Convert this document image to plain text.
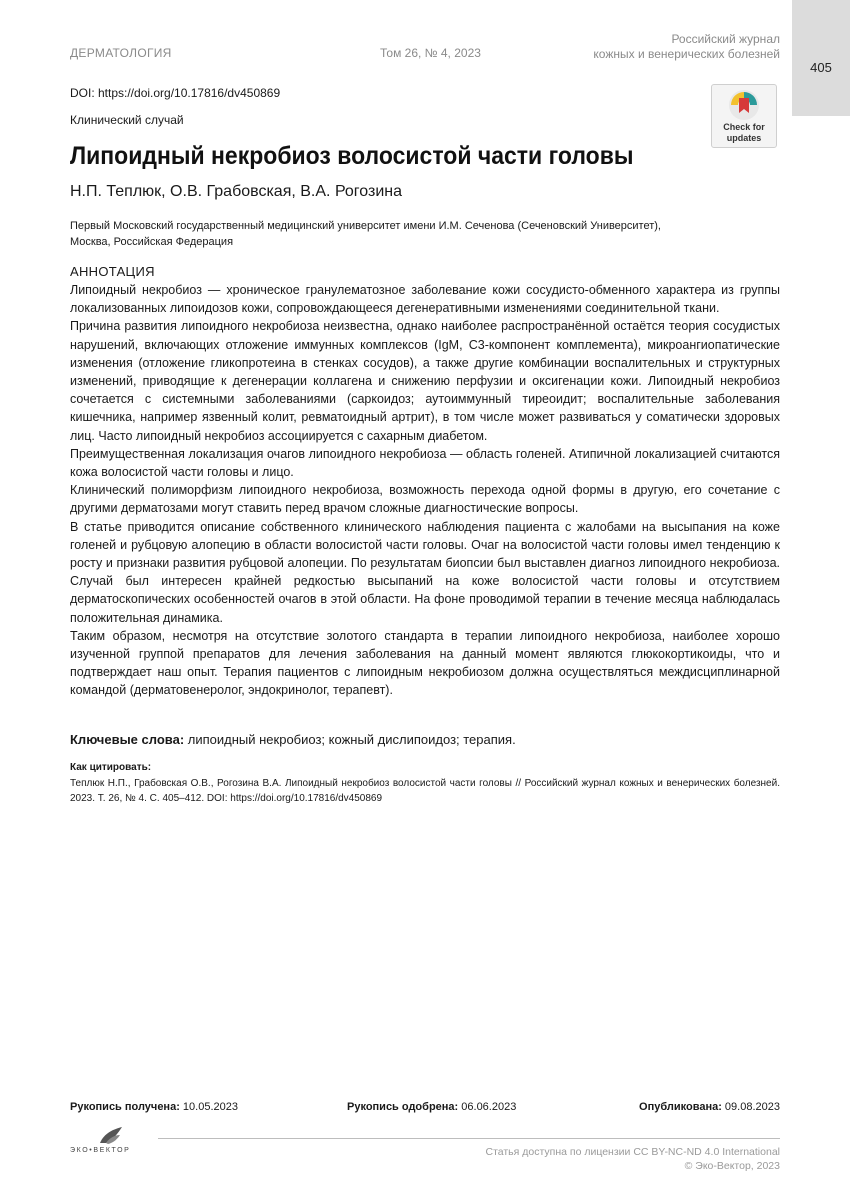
405
ДЕРМАТОЛОГИЯ	Том 26, № 4, 2023
Российский журнал
кожных и венерических болезней
DOI: https://doi.org/10.17816/dv450869
Клинический случай	Check for
updates
Липоидный некробиоз волосистой части головы
Н.П. Теплюк, О.В. Грабовская, В.А. Рогозина
Первый Московский государственный медицинский университет имени И.М. Сеченова (Сеченовский Университет),
Москва, Российская Федерация
АННОТАЦИЯ

Липоидный некробиоз — хроническое гранулематозное заболевание кожи сосудисто-обменного характера из группы локализованных липоидозов кожи, сопровождающееся дегенеративными изменениями соединительной ткани.

Причина развития липоидного некробиоза неизвестна, однако наиболее распространённой остаётся теория сосудистых нарушений, включающих отложение иммунных комплексов (IgM, C3-компонент комплемента), микроангиопатические изменения (отложение гликопротеина в стенках сосудов), а также другие комбинации воспалительных и структурных изменений, приводящие к дегенерации коллагена и снижению перфузии и оксигенации кожи. Липоидный некробиоз сочетается с системными заболеваниями (саркоидоз; аутоиммунный тиреоидит; воспалительные заболевания кишечника, например язвенный колит, ревматоидный артрит), в том числе может развиваться у соматически здоровых лиц. Часто липоидный некробиоз ассоциируется с сахарным диабетом.

Преимущественная локализация очагов липоидного некробиоза — область голеней. Атипичной локализацией считаются кожа волосистой части головы и лицо.

Клинический полиморфизм липоидного некробиоза, возможность перехода одной формы в другую, его сочетание с другими дерматозами могут ставить перед врачом сложные диагностические вопросы.

В статье приводится описание собственного клинического наблюдения пациента с жалобами на высыпания на коже голеней и рубцовую алопецию в области волосистой части головы. Очаг на волосистой части головы имел тенденцию к росту и признаки развития рубцовой алопеции. По результатам биопсии был выставлен диагноз липоидного некробиоза. Случай был интересен крайней редкостью высыпаний на коже волосистой части головы и отсутствием дерматоскопических особенностей очагов в этой области. На фоне проводимой терапии в течение месяца наблюдалась положительная динамика.

Таким образом, несмотря на отсутствие золотого стандарта в терапии липоидного некробиоза, наиболее хорошо изученной группой препаратов для лечения заболевания на данный момент являются глюкокортикоиды, что и подтверждает наш опыт. Терапия пациентов с липоидным некробиозом должна осуществляться междисциплинарной командой (дерматовенеролог, эндокринолог, терапевт).

Ключевые слова: липоидный некробиоз; кожный дислипоидоз; терапия.
Как цитировать:
Теплюк Н.П., Грабовская О.В., Рогозина В.А. Липоидный некробиоз волосистой части головы // Российский журнал кожных и венерических болезней. 2023. Т. 26, № 4. С. 405–412. DOI: https://doi.org/10.17816/dv450869
Рукопись получена: 10.05.2023	Рукопись одобрена: 06.06.2023	Опубликована: 09.08.2023
ЭКО•ВЕКТОР	Статья доступна по лицензии CC BY-NC-ND 4.0 International
© Эко-Вектор, 2023
